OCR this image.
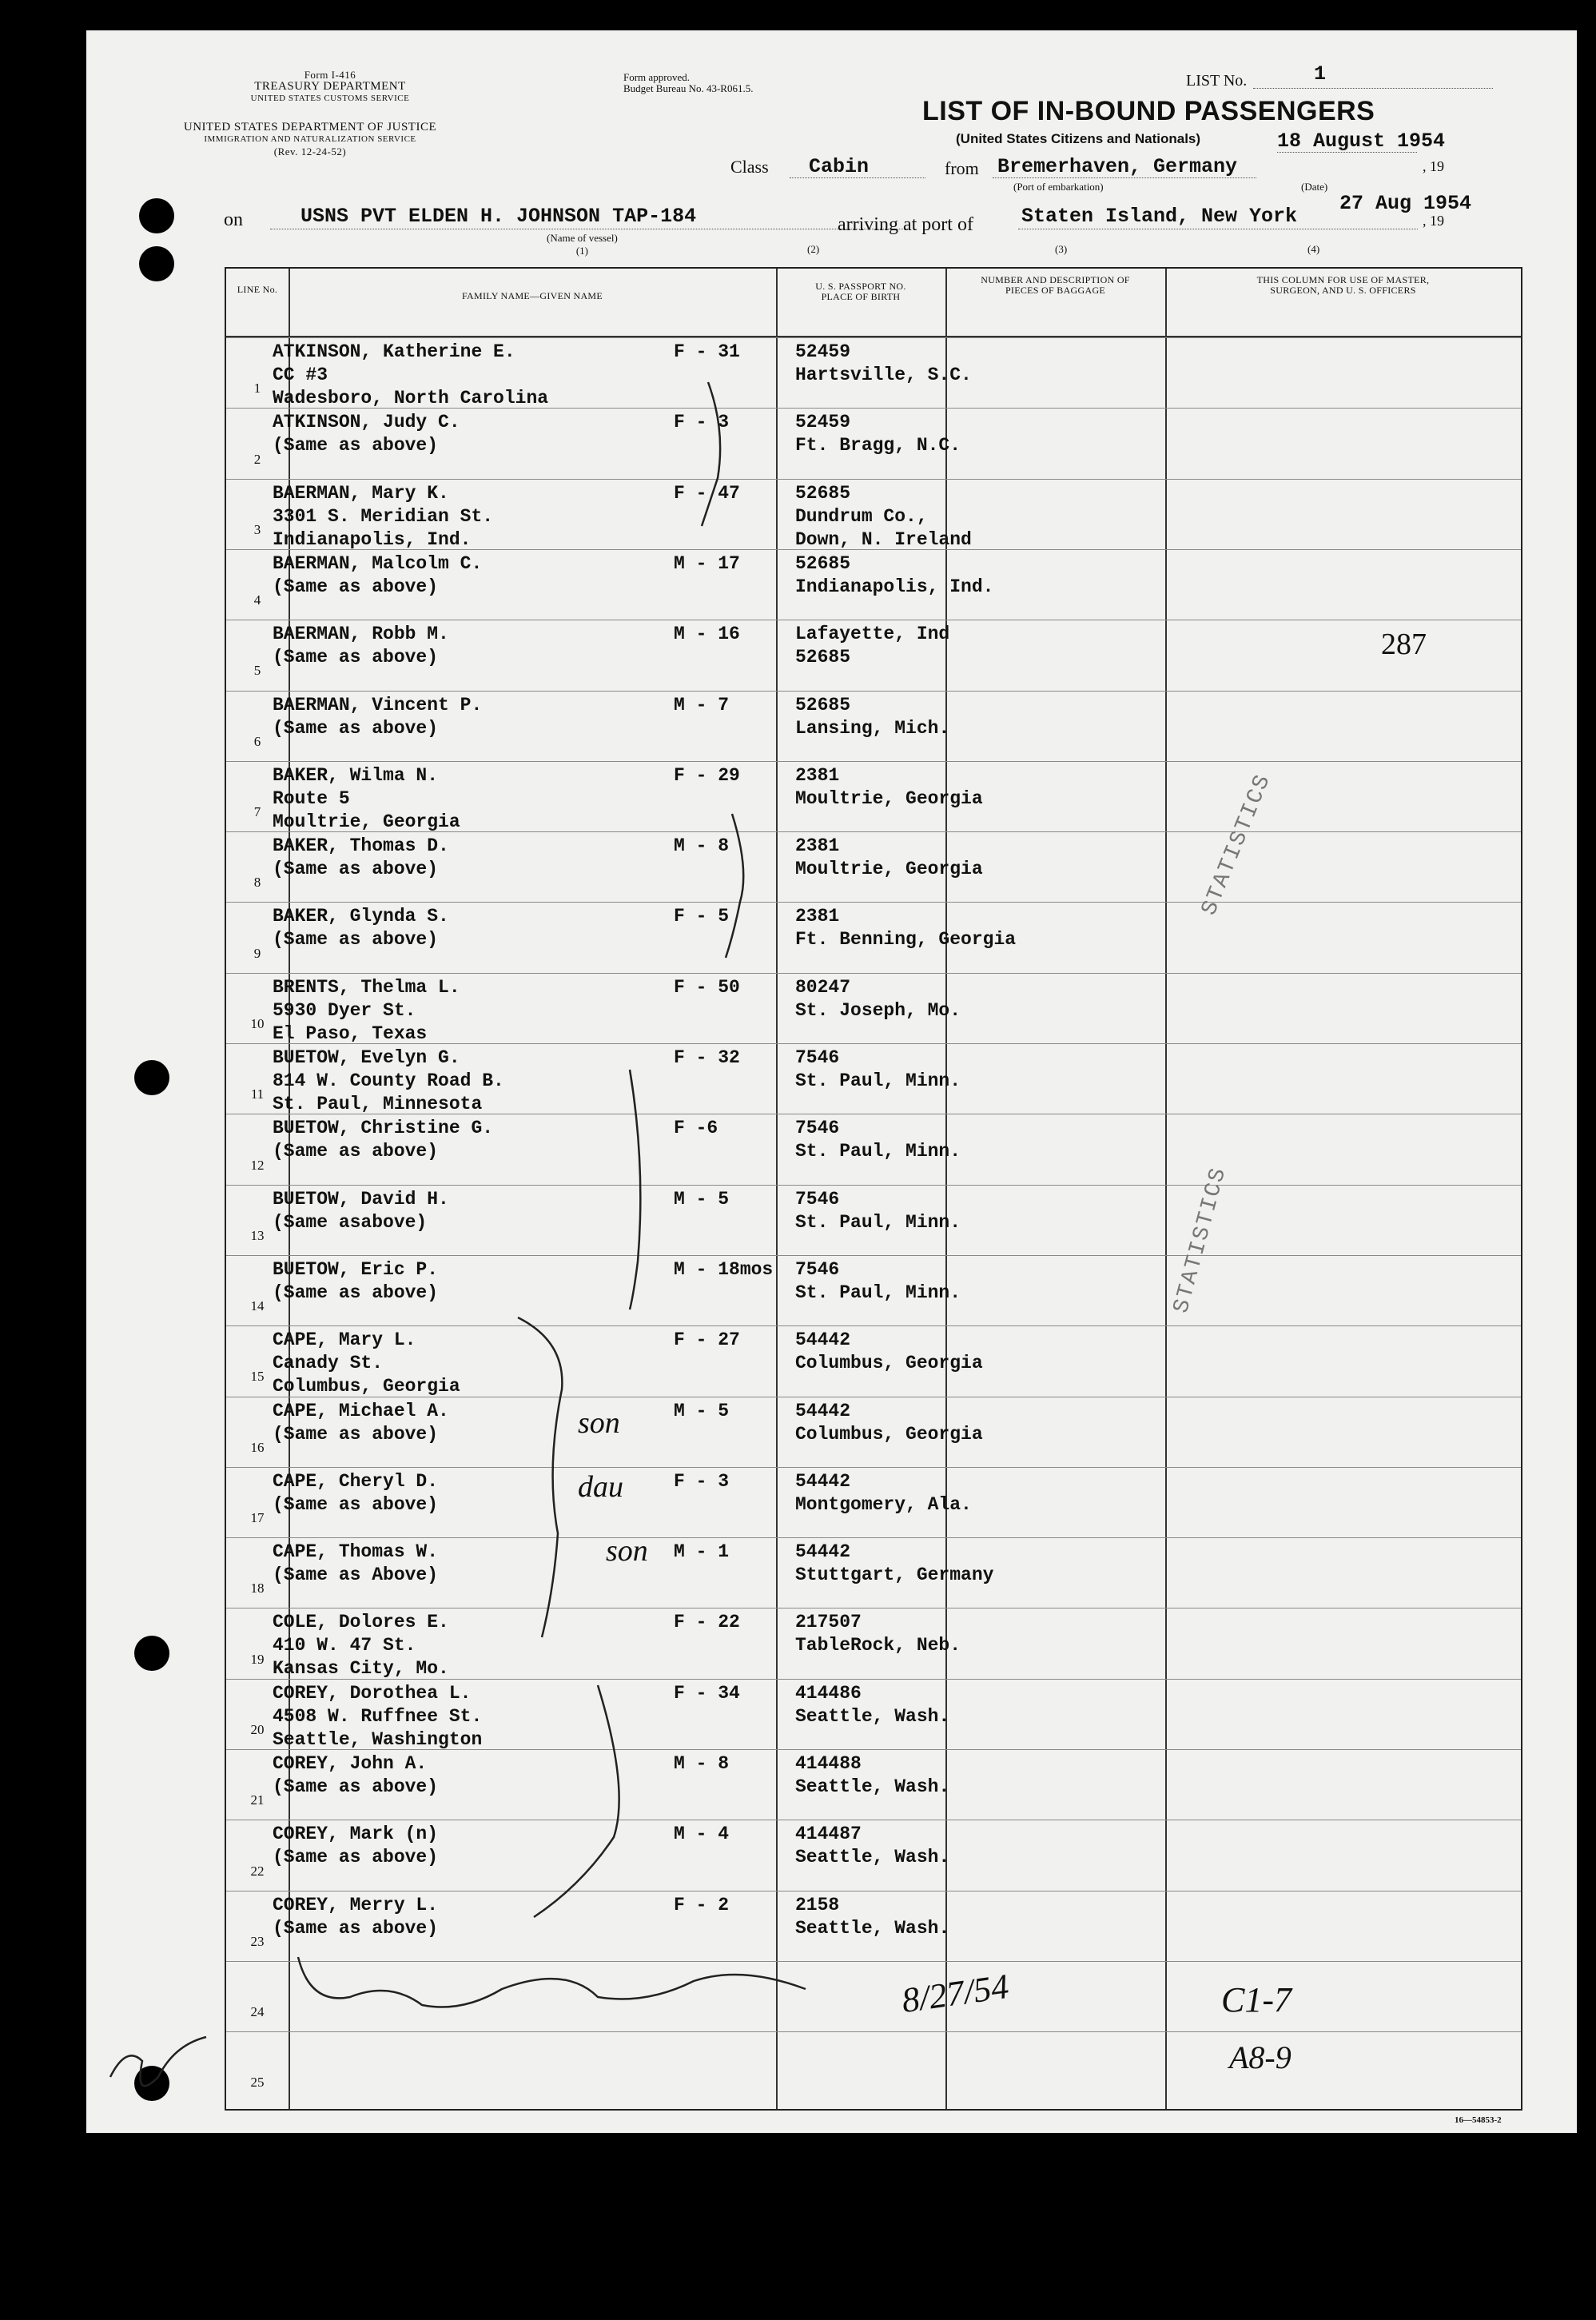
Form I-416
TREASURY DEPARTMENT
UNITED STATES CUSTOMS SERVICE
UNITED STATES DEPARTMENT OF JUSTICE
IMMIGRATION AND NATURALIZATION SERVICE
(Rev. 12-24-52)
Form approved.
Budget Bureau No. 43-R061.5.	LIST No.	1
LIST OF IN-BOUND PASSENGERS
(United States Citizens and Nationals)	18 August 1954
, 19
Class Cabin	from Bremerhaven, Germany
(Port of embarkation)	(Date)
on	USNS PVT ELDEN H. JOHNSON TAP-184
(Name of vessel)
(1)
arriving at port of Staten Island, New York
27 Aug 1954
, 19
(2)	(3)	(4)
LINE No.
FAMILY NAME—GIVEN NAME
U. S. PASSPORT NO. PLACE OF BIRTH
NUMBER AND DESCRIPTION OF PIECES OF BAGGAGE
THIS COLUMN FOR USE OF MASTER, SURGEON, AND U. S. OFFICERS
1
ATKINSON, Katherine E.
CC #3
Wadesboro, North Carolina
F - 31	52459
Hartsville, S.C.
2
ATKINSON, Judy C.
(Same as above)
F - 3	52459
Ft. Bragg, N.C.
3
BAERMAN, Mary K.
3301 S. Meridian St.
Indianapolis, Ind.
F - 47	52685
Dundrum Co.,
Down, N. Ireland
4
BAERMAN, Malcolm C.
(Same as above)
M - 17	52685
Indianapolis, Ind.
5
BAERMAN, Robb M.
(Same as above)
M - 16	Lafayette, Ind
52685
6
BAERMAN, Vincent P.
(Same as above)
M - 7	52685
Lansing, Mich.
7
BAKER, Wilma N.
Route 5
Moultrie, Georgia
F - 29	2381
Moultrie, Georgia
8
BAKER, Thomas D.
(Same as above)
M - 8	2381
Moultrie, Georgia
9
BAKER, Glynda S.
(Same as above)
F - 5	2381
Ft. Benning, Georgia
10
BRENTS, Thelma L.
5930 Dyer St.
El Paso, Texas
F - 50	80247
St. Joseph, Mo.
11
BUETOW, Evelyn G.
814 W. County Road B.
St. Paul, Minnesota
F - 32	7546
St. Paul, Minn.
12
BUETOW, Christine G.
(Same as above)
F -6	7546
St. Paul, Minn.
13
BUETOW, David H.
(Same asabove)
M - 5	7546
St. Paul, Minn.
14
BUETOW, Eric P.
(Same as above)
M - 18mos 7546
St. Paul, Minn.
15
CAPE, Mary L.
Canady St.
Columbus, Georgia
F - 27	54442
Columbus, Georgia
16
CAPE, Michael A.
(Same as above)
M - 5	54442
Columbus, Georgia
17
CAPE, Cheryl D.
(Same as above)
F - 3	54442
Montgomery, Ala.
18
CAPE, Thomas W.
(Same as Above)
M - 1	54442
Stuttgart, Germany
19
COLE, Dolores E.
410 W. 47 St.
Kansas City, Mo.
F - 22	217507
TableRock, Neb.
20
COREY, Dorothea L.
4508 W. Ruffnee St.
Seattle, Washington
F - 34	414486
Seattle, Wash.
21
COREY, John A.
(Same as above)
M - 8	414488
Seattle, Wash.
22
COREY, Mark (n)
(Same as above)
M - 4	414487
Seattle, Wash.
23
COREY, Merry L.
(Same as above)
F - 2	2158
Seattle, Wash.
24
25
287
STATISTICS
STATISTICS
son
dau
son
8/27/54	C1-7
A8-9
16—54853-2
